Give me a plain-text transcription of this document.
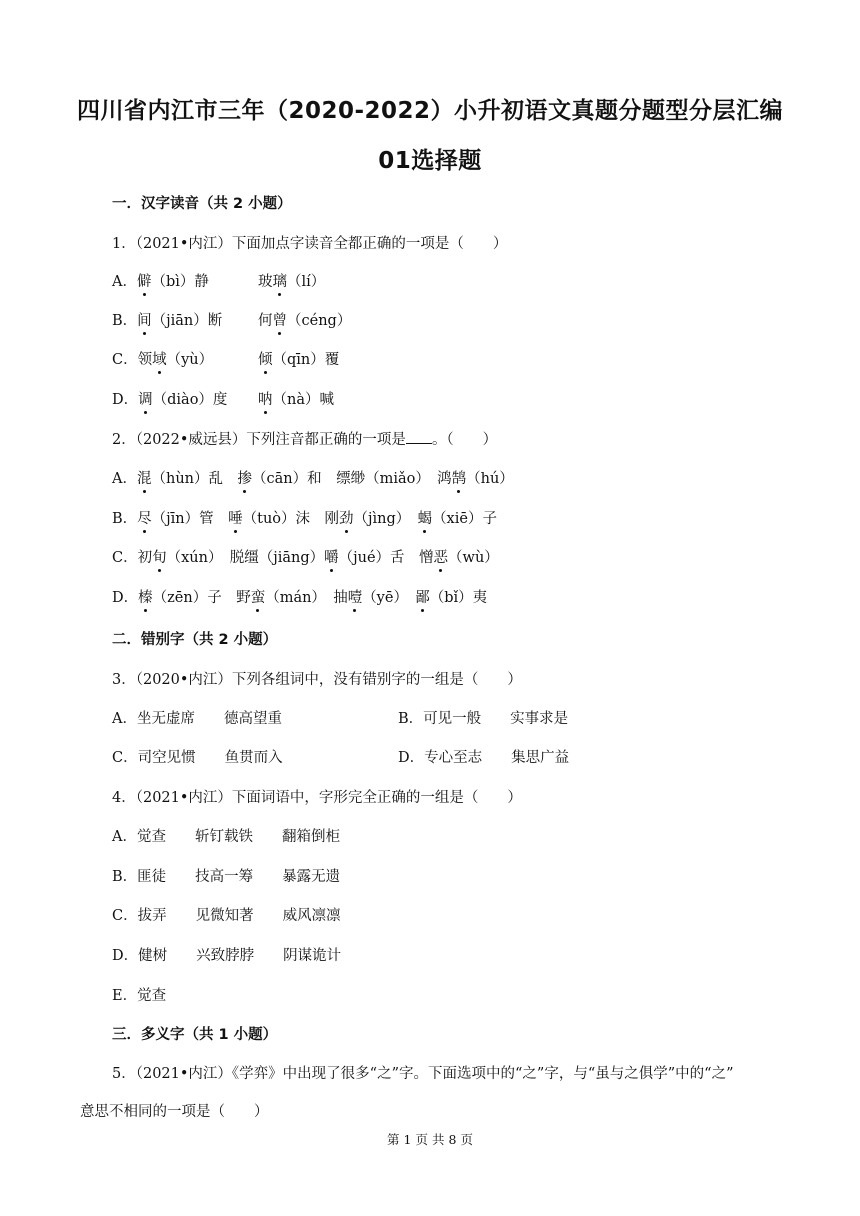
四川省内江市三年（2020-2022）小升初语文真题分题型分层汇编
01选择题
一．汉字读音（共 2 小题）
1．（2021•内江）下面加点字读音全都正确的一项是（　　）
A．僻（bì）静	玻璃（lí）
B．间（jiān）断 何曾（céng）
C．领域（yù）	倾（qīn）覆
D．调（diào）度 呐（nà）喊
2．（2022•威远县）下列注音都正确的一项是 。（　　）
A．混（hùn）乱　掺（cān）和　缥缈（miǎo）　鸿鹄（hú）
B．尽（jīn）管　唾（tuò）沫　刚劲（jìng）　蝎（xiē）子
C．初旬（xún）　脱缰（jiāng）嚼（jué）舌　憎恶（wù）
D．榛（zēn）子　野蛮（mán）　抽噎（yē）　鄙（bǐ）夷
二．错别字（共 2 小题）
3．（2020•内江）下列各组词中，没有错别字的一组是（　　）
A．坐无虚席　　德高望重	B．可见一般　　实事求是
C．司空见惯　　鱼贯而入	D．专心至志　　集思广益
4．（2021•内江）下面词语中，字形完全正确的一组是（　　）
A．觉查　　斩钉载铁　　翻箱倒柜
B．匪徒　　技高一筹　　暴露无遗
C．拔弄　　见微知著　　威风凛凛
D．健树　　兴致脖脖　　阴谋诡计
E．觉查
三．多义字（共 1 小题）
5．（2021•内江）《学弈》中出现了很多“之”字。下面选项中的“之”字，与“虽与之俱学”中的“之”
意思不相同的一项是（　　）
第 1 页 共 8 页
